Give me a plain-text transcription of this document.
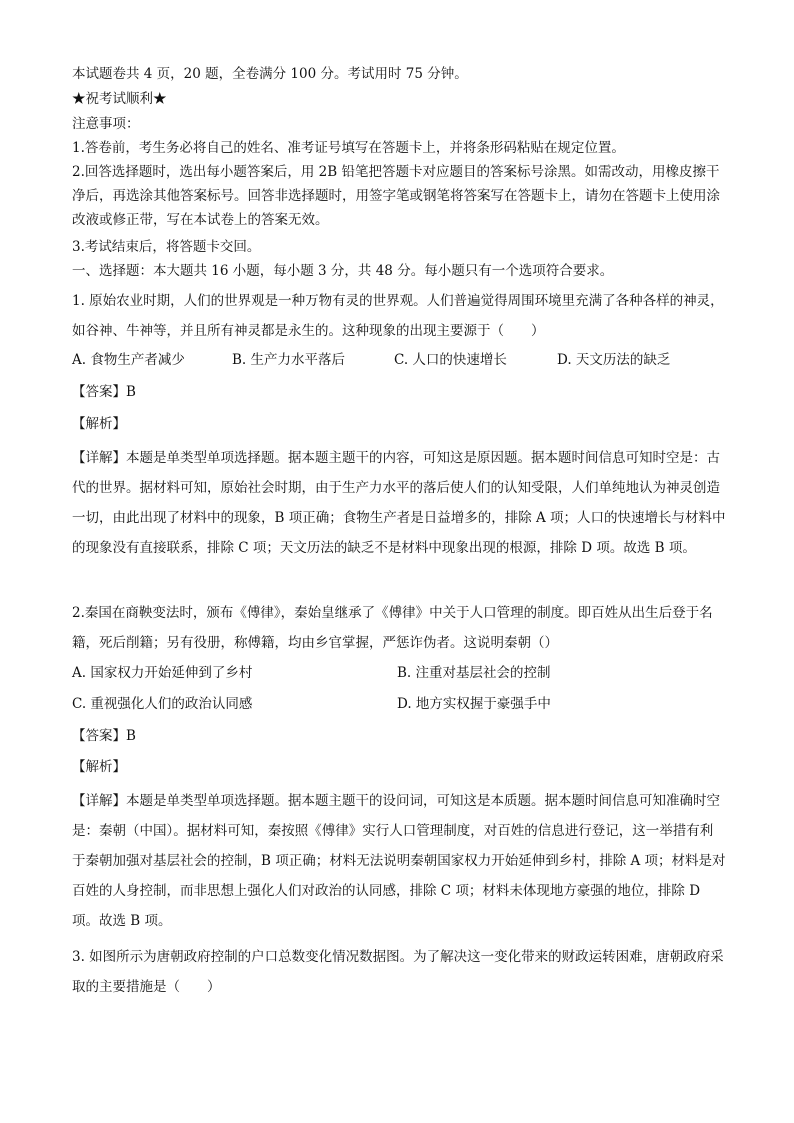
本试题卷共 4 页，20 题，全卷满分 100 分。考试用时 75 分钟。

★祝考试顺利★

注意事项：

1.答卷前，考生务必将自己的姓名、准考证号填写在答题卡上，并将条形码粘贴在规定位置。

2.回答选择题时，选出每小题答案后，用 2B 铅笔把答题卡对应题目的答案标号涂黑。如需改动，用橡皮擦干净后，再选涂其他答案标号。回答非选择题时，用签字笔或钢笔将答案写在答题卡上，请勿在答题卡上使用涂改液或修正带，写在本试卷上的答案无效。

3.考试结束后，将答题卡交回。

一、选择题：本大题共 16 小题，每小题 3 分，共 48 分。每小题只有一个选项符合要求。

1. 原始农业时期，人们的世界观是一种万物有灵的世界观。人们普遍觉得周围环境里充满了各种各样的神灵，如谷神、牛神等，并且所有神灵都是永生的。这种现象的出现主要源于（　　）

A. 食物生产者减少	B. 生产力水平落后	C. 人口的快速增长	D. 天文历法的缺乏

【答案】B

【解析】

【详解】本题是单类型单项选择题。据本题主题干的内容，可知这是原因题。据本题时间信息可知时空是：古代的世界。据材料可知，原始社会时期，由于生产力水平的落后使人们的认知受限，人们单纯地认为神灵创造一切，由此出现了材料中的现象，B 项正确；食物生产者是日益增多的，排除 A 项；人口的快速增长与材料中的现象没有直接联系，排除 C 项；天文历法的缺乏不是材料中现象出现的根源，排除 D 项。故选 B 项。

2.秦国在商鞅变法时，颁布《傅律》，秦始皇继承了《傅律》中关于人口管理的制度。即百姓从出生后登于名籍，死后削籍；另有役册，称傅籍，均由乡官掌握，严惩诈伪者。这说明秦朝（）

A. 国家权力开始延伸到了乡村	B. 注重对基层社会的控制
C. 重视强化人们的政治认同感	D. 地方实权握于豪强手中

【答案】B

【解析】

【详解】本题是单类型单项选择题。据本题主题干的设问词，可知这是本质题。据本题时间信息可知准确时空是：秦朝（中国）。据材料可知，秦按照《傅律》实行人口管理制度，对百姓的信息进行登记，这一举措有利于秦朝加强对基层社会的控制，B 项正确；材料无法说明秦朝国家权力开始延伸到乡村，排除 A 项；材料是对百姓的人身控制，而非思想上强化人们对政治的认同感，排除 C 项；材料未体现地方豪强的地位，排除 D 项。故选 B 项。

3. 如图所示为唐朝政府控制的户口总数变化情况数据图。为了解决这一变化带来的财政运转困难，唐朝政府采取的主要措施是（　　）
